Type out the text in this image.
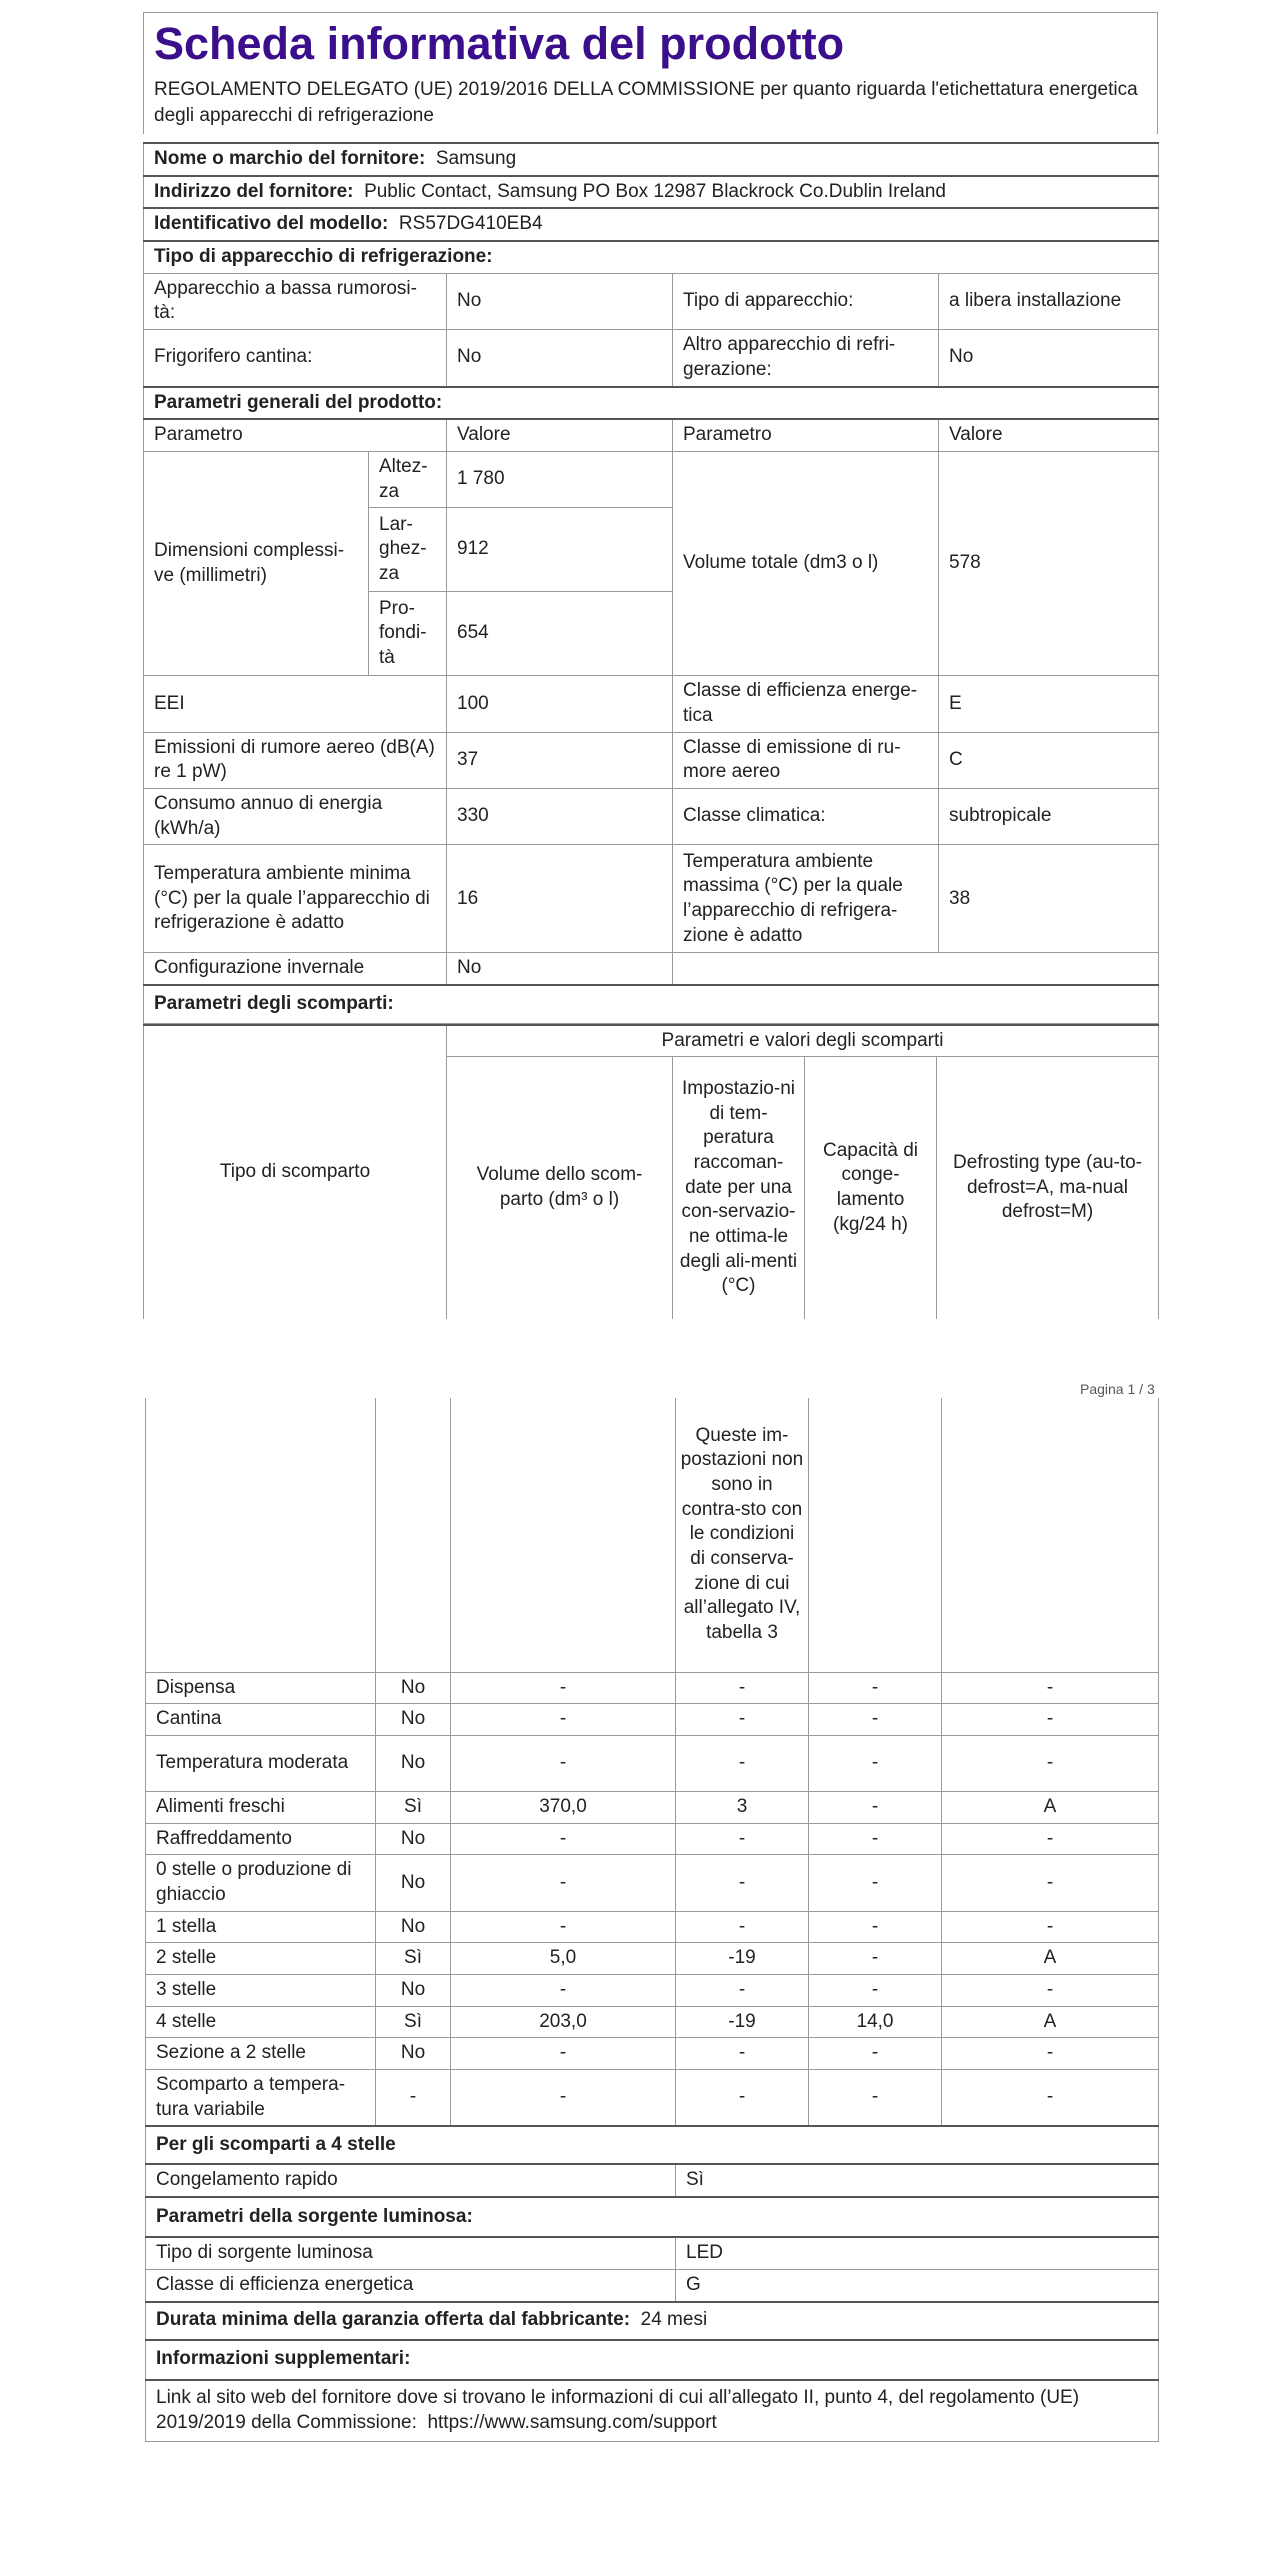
Scheda informativa del prodotto

REGOLAMENTO DELEGATO (UE) 2019/2016 DELLA COMMISSIONE per quanto riguarda l'etichettatura energetica degli apparecchi di refrigerazione

Nome o marchio del fornitore: Samsung				
Indirizzo del fornitore: Public Contact, Samsung PO Box 12987 Blackrock Co.Dublin Ireland				
Identificativo del modello: RS57DG410EB4				
Tipo di apparecchio di refrigerazione:				
Apparecchio a bassa rumorosi-tà:		No	Tipo di apparecchio:	a libera installazione
Frigorifero cantina:		No	Altro apparecchio di refri-gerazione:	No
Parametri generali del prodotto:				
Parametro		Valore	Parametro	Valore
Dimensioni complessi-ve (millimetri)	Altez-za	1 780	Volume totale (dm3 o l)	578
	Lar-ghez-za	912		
	Pro-fondi-tà	654		
EEI		100	Classe di efficienza energe-tica	E
Emissioni di rumore aereo (dB(A) re 1 pW)		37	Classe di emissione di ru-more aereo	C
Consumo annuo di energia (kWh/a)		330	Classe climatica:	subtropicale
Temperatura ambiente minima (°C) per la quale l’apparecchio di refrigerazione è adatto		16	Temperatura ambiente massima (°C) per la quale l’apparecchio di refrigera-zione è adatto	38
Configurazione invernale		No		
Parametri degli scomparti:				
Tipo di scomparto	Parametri e valori degli scomparti			
	Volume dello scom-parto (dm³ o l)	Impostazio-ni di tem-peratura raccoman-date per una con-servazio-ne ottima-le degli ali-menti (°C)	Capacità di conge-lamento (kg/24 h)	Defrosting type (au-to-defrost=A, ma-nual defrost=M)
Pagina 1 / 3
			Queste im-postazioni non sono in contra-sto con le condizioni di conserva-zione di cui all’allegato IV, tabella 3		
Dispensa	No	-	-	-	-
Cantina	No	-	-	-	-
Temperatura moderata	No	-	-	-	-
Alimenti freschi	Sì	370,0	3	-	A
Raffreddamento	No	-	-	-	-
0 stelle o produzione di ghiaccio	No	-	-	-	-
1 stella	No	-	-	-	-
2 stelle	Sì	5,0	-19	-	A
3 stelle	No	-	-	-	-
4 stelle	Sì	203,0	-19	14,0	A
Sezione a 2 stelle	No	-	-	-	-
Scomparto a tempera-tura variabile	-	-	-	-	-
Per gli scomparti a 4 stelle					
Congelamento rapido			Sì		
Parametri della sorgente luminosa:					
Tipo di sorgente luminosa			LED		
Classe di efficienza energetica			G		
Durata minima della garanzia offerta dal fabbricante: 24 mesi					
Informazioni supplementari:					
Link al sito web del fornitore dove si trovano le informazioni di cui all’allegato II, punto 4, del regolamento (UE) 2019/2019 della Commissione: https://www.samsung.com/support					
